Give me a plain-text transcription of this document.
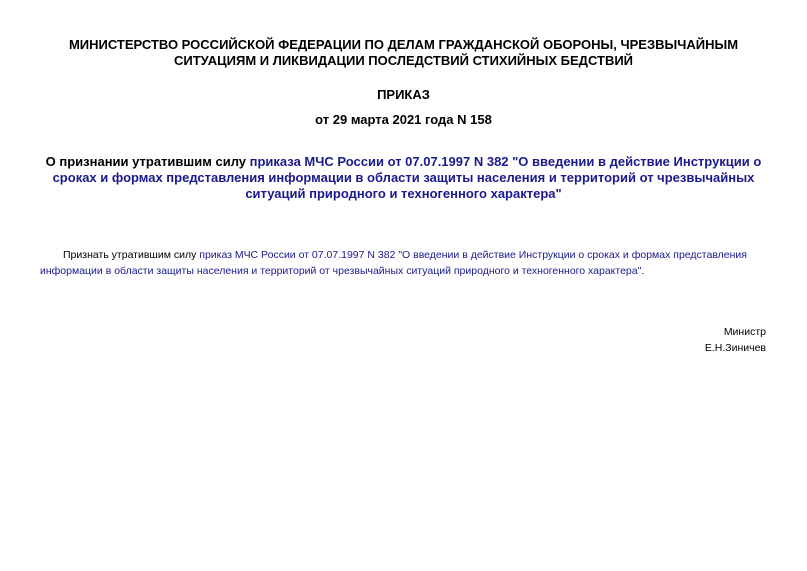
МИНИСТЕРСТВО РОССИЙСКОЙ ФЕДЕРАЦИИ ПО ДЕЛАМ ГРАЖДАНСКОЙ ОБОРОНЫ, ЧРЕЗВЫЧАЙНЫМ
СИТУАЦИЯМ И ЛИКВИДАЦИИ ПОСЛЕДСТВИЙ СТИХИЙНЫХ БЕДСТВИЙ
ПРИКАЗ
от 29 марта 2021 года N 158
О признании утратившим силу приказа МЧС России от 07.07.1997 N 382 "О введении в действие Инструкции о сроках и формах представления информации в области защиты населения и территорий от чрезвычайных ситуаций природного и техногенного характера"

Признать утратившим силу приказ МЧС России от 07.07.1997 N 382 "О введении в действие Инструкции о сроках и формах представления информации в области защиты населения и территорий от чрезвычайных ситуаций природного и техногенного характера".

Министр
Е.Н.Зиничев
